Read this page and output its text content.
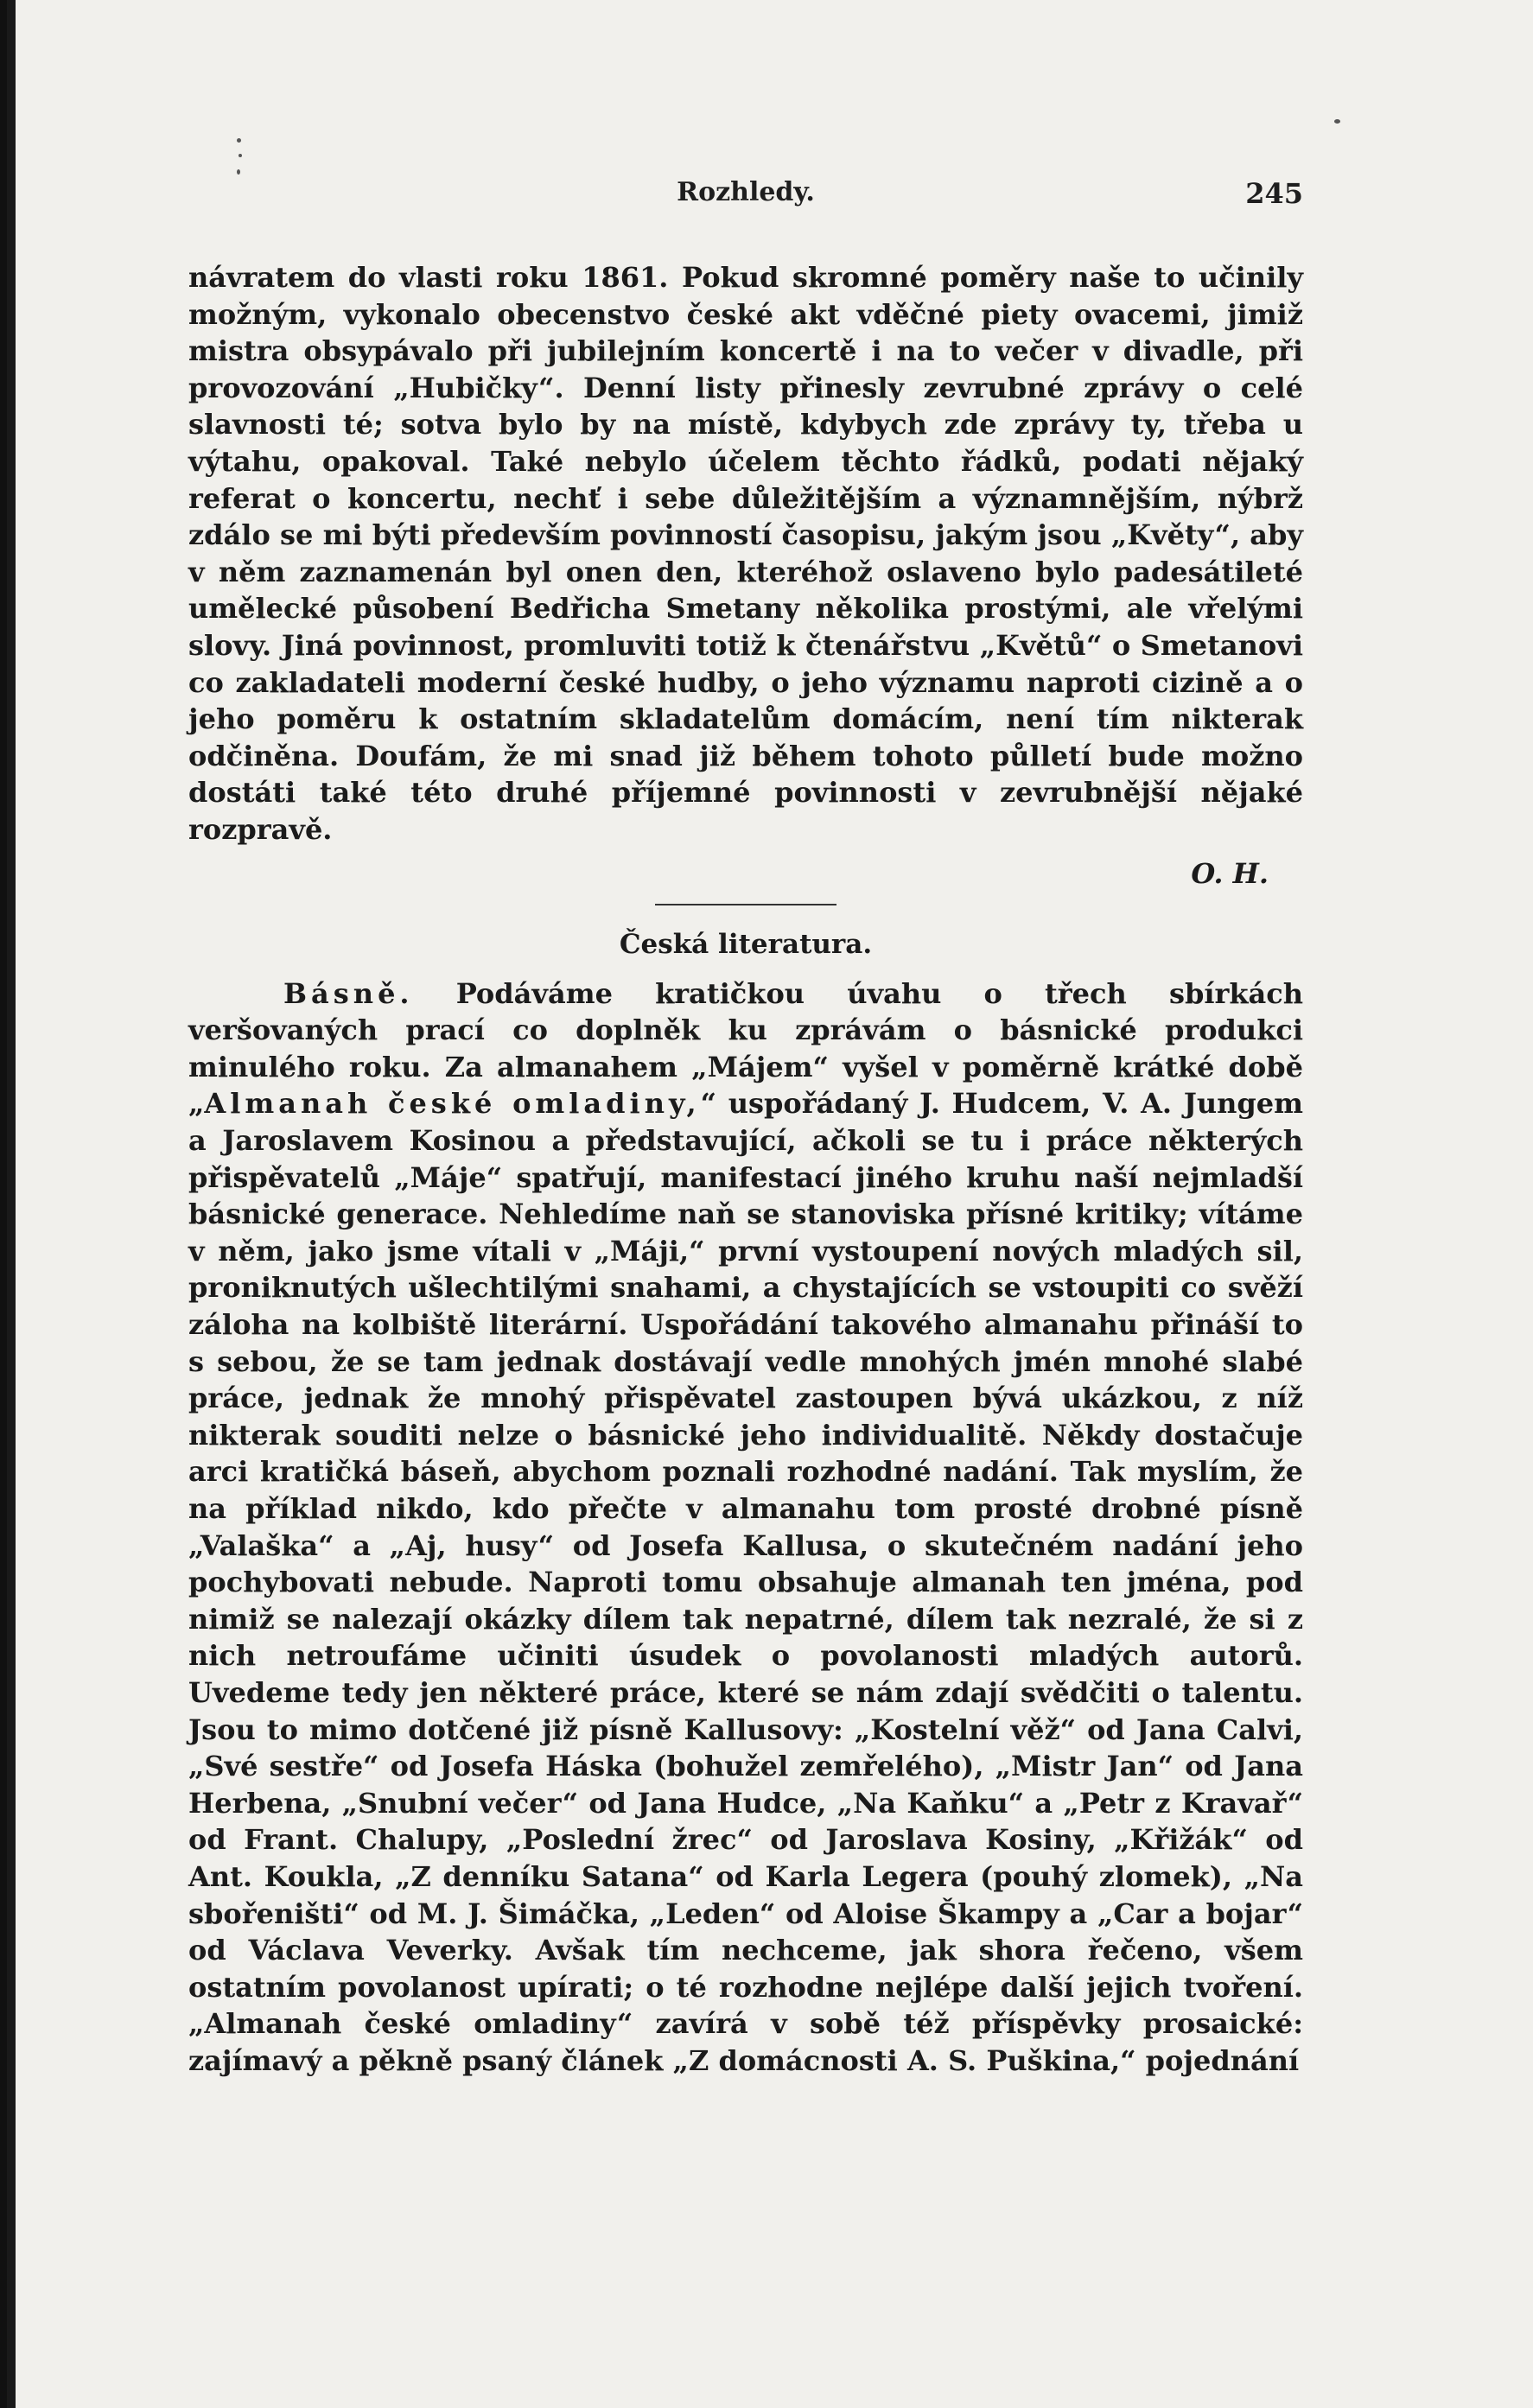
Rozhledy.	245

návratem do vlasti roku 1861. Pokud skromné poměry naše to učinily možným, vykonalo obecenstvo české akt vděčné piety ovacemi, jimiž mistra obsypávalo při jubilejním koncertě i na to večer v divadle, při provozování „Hubičky“. Denní listy přinesly zevrubné zprávy o celé slavnosti té; sotva bylo by na místě, kdybych zde zprávy ty, třeba u výtahu, opakoval. Také nebylo účelem těchto řádků, podati nějaký referat o koncertu, nechť i sebe důležitějším a významnějším, nýbrž zdálo se mi býti především povinností časopisu, jakým jsou „Květy“, aby v něm zaznamenán byl onen den, kteréhož oslaveno bylo padesátileté umělecké působení Bedřicha Smetany několika prostými, ale vřelými slovy. Jiná povinnost, promluviti totiž k čtenářstvu „Květů“ o Smetanovi co zakladateli moderní české hudby, o jeho významu naproti cizině a o jeho poměru k ostatním skladatelům domácím, není tím nikterak odčiněna. Doufám, že mi snad již během tohoto půlletí bude možno dostáti také této druhé příjemné povinnosti v zevrubnější nějaké rozpravě.

O. H.

Česká literatura.

Básně. Podáváme kratičkou úvahu o třech sbírkách veršovaných prací co doplněk ku zprávám o básnické produkci minulého roku. Za almanahem „Májem“ vyšel v poměrně krátké době „Almanah české omladiny,“ uspořádaný J. Hudcem, V. A. Jungem a Jaroslavem Kosinou a představující, ačkoli se tu i práce některých přispěvatelů „Máje“ spatřují, manifestací jiného kruhu naší nejmladší básnické generace. Nehledíme naň se stanoviska přísné kritiky; vítáme v něm, jako jsme vítali v „Máji,“ první vystoupení nových mladých sil, proniknutých ušlechtilými snahami, a chystajících se vstoupiti co svěží záloha na kolbiště literární. Uspořádání takového almanahu přináší to s sebou, že se tam jednak dostávají vedle mnohých jmén mnohé slabé práce, jednak že mnohý přispěvatel zastoupen bývá ukázkou, z níž nikterak souditi nelze o básnické jeho individualitě. Někdy dostačuje arci kratičká báseň, abychom poznali rozhodné nadání. Tak myslím, že na příklad nikdo, kdo přečte v almanahu tom prosté drobné písně „Valaška“ a „Aj, husy“ od Josefa Kallusa, o skutečném nadání jeho pochybovati nebude. Naproti tomu obsahuje almanah ten jména, pod nimiž se nalezají okázky dílem tak nepatrné, dílem tak nezralé, že si z nich netroufáme učiniti úsudek o povolanosti mladých autorů. Uvedeme tedy jen některé práce, které se nám zdají svědčiti o talentu. Jsou to mimo dotčené již písně Kallusovy: „Kostelní věž“ od Jana Calvi, „Své sestře“ od Josefa Háska (bohužel zemřelého), „Mistr Jan“ od Jana Herbena, „Snubní večer“ od Jana Hudce, „Na Kaňku“ a „Petr z Kravař“ od Frant. Chalupy, „Poslední žrec“ od Jaroslava Kosiny, „Křižák“ od Ant. Koukla, „Z denníku Satana“ od Karla Legera (pouhý zlomek), „Na sbořeništi“ od M. J. Šimáčka, „Leden“ od Aloise Škampy a „Car a bojar“ od Václava Veverky. Avšak tím nechceme, jak shora řečeno, všem ostatním povolanost upírati; o té rozhodne nejlépe další jejich tvoření. „Almanah české omladiny“ zavírá v sobě též příspěvky prosaické: zajímavý a pěkně psaný článek „Z domácnosti A. S. Puškina,“ pojednání
